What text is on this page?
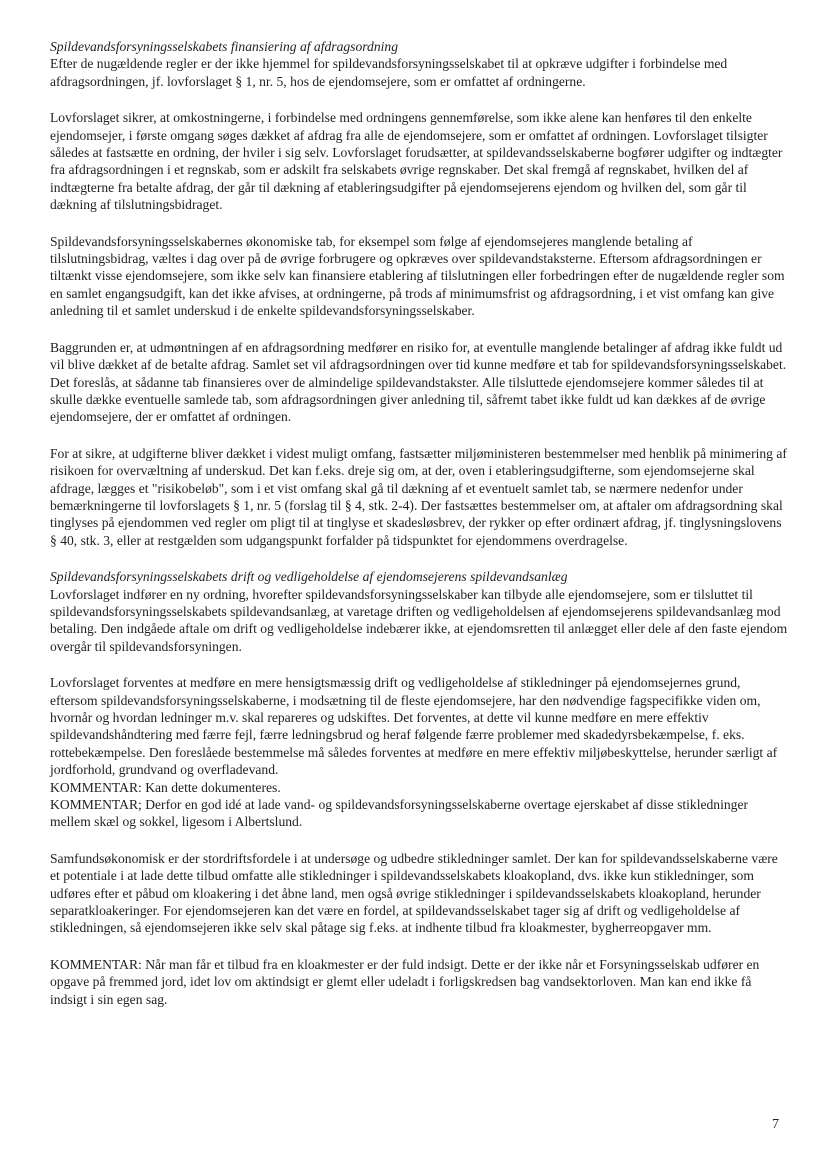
Spildevandsforsyningsselskabets finansiering af afdragsordning
Efter de nugældende regler er der ikke hjemmel for spildevandsforsyningsselskabet til at opkræve udgifter i forbindelse med afdragsordningen, jf. lovforslaget § 1, nr. 5, hos de ejendomsejere, som er omfattet af ordningerne.

Lovforslaget sikrer, at omkostningerne, i forbindelse med ordningens gennemførelse, som ikke alene kan henføres til den enkelte ejendomsejer, i første omgang søges dækket af afdrag fra alle de ejendomsejere, som er omfattet af ordningen. Lovforslaget tilsigter således at fastsætte en ordning, der hviler i sig selv. Lovforslaget forudsætter, at spildevandsselskaberne bogfører udgifter og indtægter fra afdragsordningen i et regnskab, som er adskilt fra selskabets øvrige regnskaber. Det skal fremgå af regnskabet, hvilken del af indtægterne fra betalte afdrag, der går til dækning af etableringsudgifter på ejendomsejerens ejendom og hvilken del, som går til dækning af tilslutningsbidraget.

Spildevandsforsyningsselskabernes økonomiske tab, for eksempel som følge af ejendomsejeres manglende betaling af tilslutningsbidrag, væltes i dag over på de øvrige forbrugere og opkræves over spildevandstaksterne. Eftersom afdragsordningen er tiltænkt visse ejendomsejere, som ikke selv kan finansiere etablering af tilslutningen eller forbedringen efter de nugældende regler som en samlet engangsudgift, kan det ikke afvises, at ordningerne, på trods af minimumsfrist og afdragsordning, i et vist omfang kan give anledning til et samlet underskud i de enkelte spildevandsforsyningsselskaber.

Baggrunden er, at udmøntningen af en afdragsordning medfører en risiko for, at eventulle manglende betalinger af afdrag ikke fuldt ud vil blive dækket af de betalte afdrag. Samlet set vil afdragsordningen over tid kunne medføre et tab for spildevandsforsyningsselskabet. Det foreslås, at sådanne tab finansieres over de almindelige spildevandstakster. Alle tilsluttede ejendomsejere kommer således til at skulle dække eventuelle samlede tab, som afdragsordningen giver anledning til, såfremt tabet ikke fuldt ud kan dækkes af de øvrige ejendomsejere, der er omfattet af ordningen.

For at sikre, at udgifterne bliver dækket i videst muligt omfang, fastsætter miljøministeren bestemmelser med henblik på minimering af risikoen for overvæltning af underskud. Det kan f.eks. dreje sig om, at der, oven i etableringsudgifterne, som ejendomsejerne skal afdrage, lægges et "risikobeløb", som i et vist omfang skal gå til dækning af et eventuelt samlet tab, se nærmere nedenfor under bemærkningerne til lovforslagets § 1, nr. 5 (forslag til § 4, stk. 2-4). Der fastsættes bestemmelser om, at aftaler om afdragsordning skal tinglyses på ejendommen ved regler om pligt til at tinglyse et skadesløsbrev, der rykker op efter ordinært afdrag, jf. tinglysningslovens § 40, stk. 3, eller at restgælden som udgangspunkt forfalder på tidspunktet for ejendommens overdragelse.

Spildevandsforsyningsselskabets drift og vedligeholdelse af ejendomsejerens spildevandsanlæg
Lovforslaget indfører en ny ordning, hvorefter spildevandsforsyningsselskaber kan tilbyde alle ejendomsejere, som er tilsluttet til spildevandsforsyningsselskabets spildevandsanlæg, at varetage driften og vedligeholdelsen af ejendomsejerens spildevandsanlæg mod betaling. Den indgåede aftale om drift og vedligeholdelse indebærer ikke, at ejendomsretten til anlægget eller dele af den faste ejendom overgår til spildevandsforsyningen.

Lovforslaget forventes at medføre en mere hensigtsmæssig drift og vedligeholdelse af stikledninger på ejendomsejernes grund, eftersom spildevandsforsyningsselskaberne, i modsætning til de fleste ejendomsejere, har den nødvendige fagspecifikke viden om, hvornår og hvordan ledninger m.v. skal repareres og udskiftes. Det forventes, at dette vil kunne medføre en mere effektiv spildevandshåndtering med færre fejl, færre ledningsbrud og heraf følgende færre problemer med skadedyrsbekæmpelse, f. eks. rottebekæmpelse. Den foreslåede bestemmelse må således forventes at medføre en mere effektiv miljøbeskyttelse, herunder særligt af jordforhold, grundvand og overfladevand.
KOMMENTAR: Kan dette dokumenteres.
KOMMENTAR; Derfor en god idé at lade vand- og spildevandsforsyningsselskaberne overtage ejerskabet af disse stikledninger mellem skæl og sokkel, ligesom i Albertslund.

Samfundsøkonomisk er der stordriftsfordele i at undersøge og udbedre stikledninger samlet. Der kan for spildevandsselskaberne være et potentiale i at lade dette tilbud omfatte alle stikledninger i spildevandsselskabets kloakopland, dvs. ikke kun stikledninger, som udføres efter et påbud om kloakering i det åbne land, men også øvrige stikledninger i spildevandsselskabets kloakopland, herunder separatkloakeringer. For ejendomsejeren kan det være en fordel, at spildevandsselskabet tager sig af drift og vedligeholdelse af stikledningen, så ejendomsejeren ikke selv skal påtage sig f.eks. at indhente tilbud fra kloakmester, bygherreopgaver mm.

KOMMENTAR: Når man får et tilbud fra en kloakmester er der fuld indsigt. Dette er der ikke når et Forsyningsselskab udfører en opgave på fremmed jord, idet lov om aktindsigt er glemt eller udeladt i forligskredsen bag vandsektorloven. Man kan end ikke få indsigt i sin egen sag.

7
